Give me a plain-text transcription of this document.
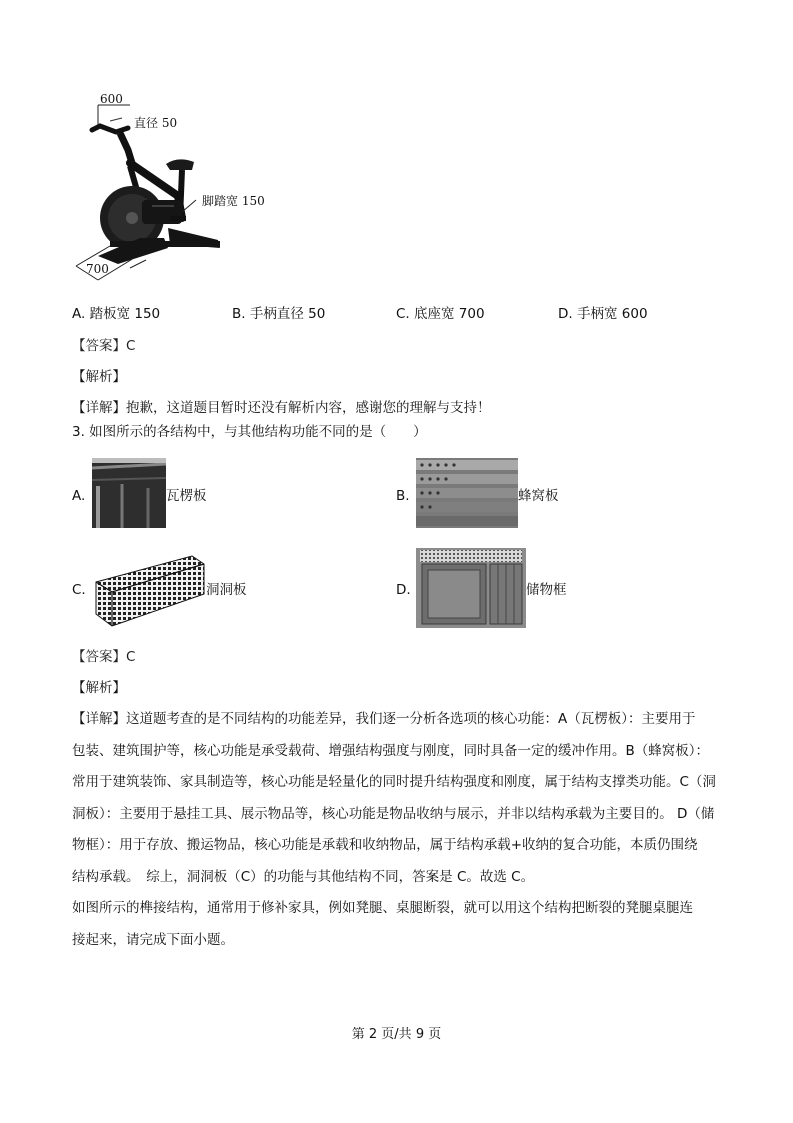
600
直径 50
脚踏宽 150
700
A. 踏板宽 150	B. 手柄直径 50	C. 底座宽 700	D. 手柄宽 600
【答案】C
【解析】
【详解】抱歉，这道题目暂时还没有解析内容，感谢您的理解与支持！
3. 如图所示的各结构中，与其他结构功能不同的是（　　）
A.	瓦楞板	B.	蜂窝板
C.	洞洞板	D.	储物框
【答案】C
【解析】
【详解】这道题考查的是不同结构的功能差异，我们逐一分析各选项的核心功能：A（瓦楞板）：主要用于
包装、建筑围护等，核心功能是承受载荷、增强结构强度与刚度，同时具备一定的缓冲作用。B（蜂窝板）：
常用于建筑装饰、家具制造等，核心功能是轻量化的同时提升结构强度和刚度，属于结构支撑类功能。C（洞
洞板）：主要用于悬挂工具、展示物品等，核心功能是物品收纳与展示，并非以结构承载为主要目的。 D（储
物框）：用于存放、搬运物品，核心功能是承载和收纳物品，属于结构承载+收纳的复合功能，本质仍围绕
结构承载。　综上，洞洞板（C）的功能与其他结构不同，答案是 C。故选 C。
如图所示的榫接结构，通常用于修补家具，例如凳腿、桌腿断裂，就可以用这个结构把断裂的凳腿桌腿连
接起来，请完成下面小题。
第 2 页/共 9 页
